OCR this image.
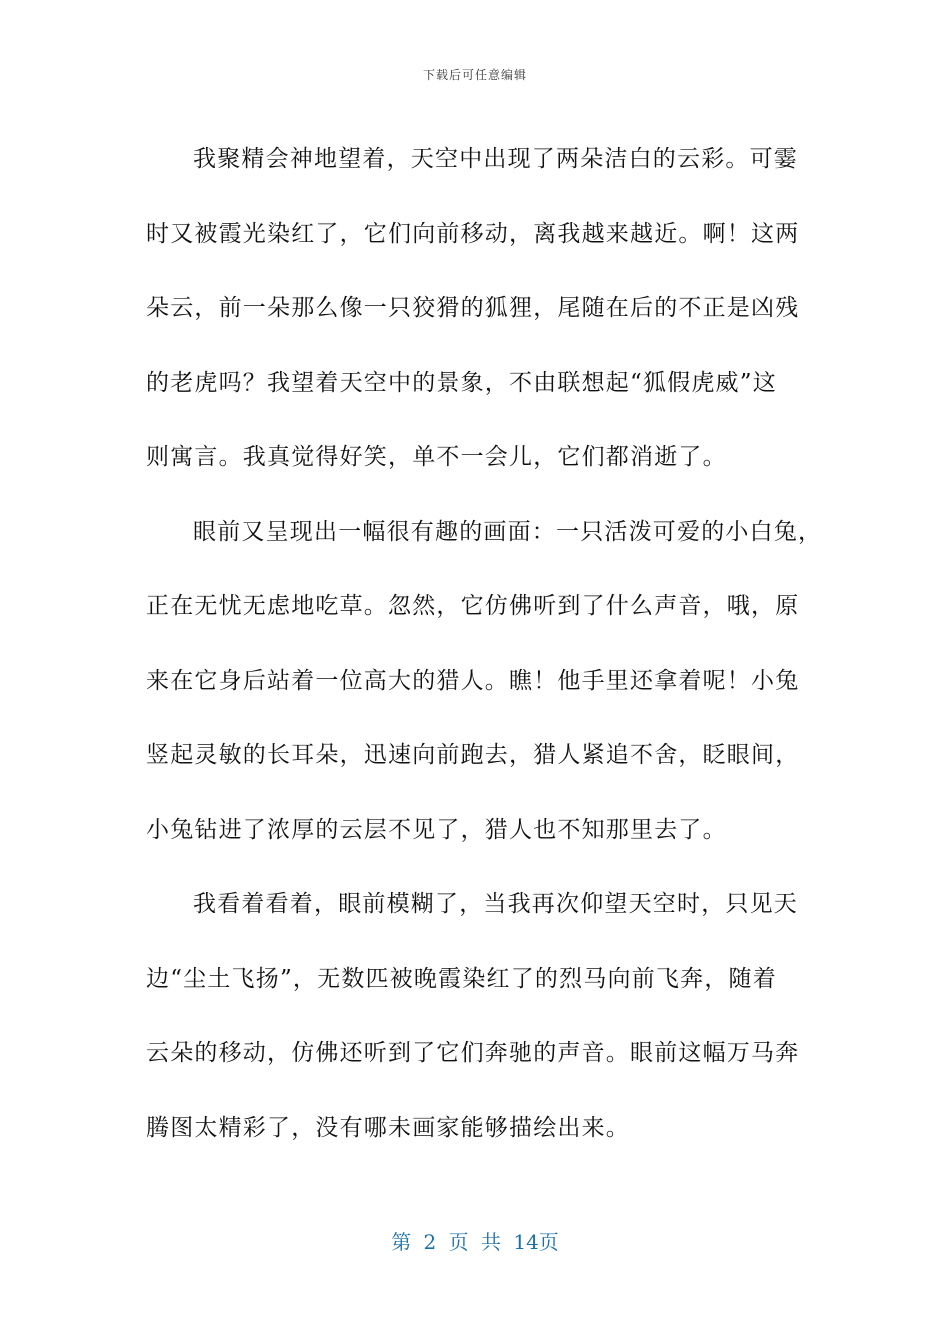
下载后可任意编辑
我聚精会神地望着，天空中出现了两朵洁白的云彩。可霎
时又被霞光染红了，它们向前移动，离我越来越近。啊！这两
朵云，前一朵那么像一只狡猾的狐狸，尾随在后的不正是凶残
的老虎吗？我望着天空中的景象，不由联想起“狐假虎威”这
则寓言。我真觉得好笑，单不一会儿，它们都消逝了。
眼前又呈现出一幅很有趣的画面：一只活泼可爱的小白兔，
正在无忧无虑地吃草。忽然，它仿佛听到了什么声音，哦，原
来在它身后站着一位高大的猎人。瞧！他手里还拿着呢！小兔
竖起灵敏的长耳朵，迅速向前跑去，猎人紧追不舍，眨眼间，
小兔钻进了浓厚的云层不见了，猎人也不知那里去了。
我看着看着，眼前模糊了，当我再次仰望天空时，只见天
边“尘土飞扬”，无数匹被晚霞染红了的烈马向前飞奔，随着
云朵的移动，仿佛还听到了它们奔驰的声音。眼前这幅万马奔
腾图太精彩了，没有哪未画家能够描绘出来。
第 2 页 共 14页
